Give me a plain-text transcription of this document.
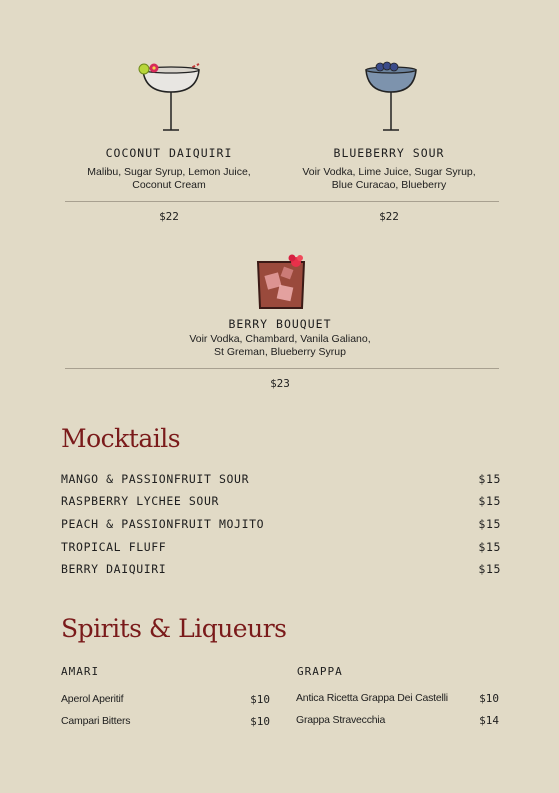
COCONUT DAIQUIRI
Malibu, Sugar Syrup, Lemon Juice,
Coconut Cream
$22
BLUEBERRY SOUR
Voir Vodka, Lime Juice, Sugar Syrup,
Blue Curacao, Blueberry
$22
BERRY BOUQUET
Voir Vodka, Chambard, Vanila Galiano,
St Greman, Blueberry Syrup
$23
Mocktails
MANGO & PASSIONFRUIT SOUR	$15
RASPBERRY LYCHEE SOUR	$15
PEACH & PASSIONFRUIT MOJITO	$15
TROPICAL FLUFF	$15
BERRY DAIQUIRI	$15
Spirits & Liqueurs
AMARI
Aperol Aperitif	$10
Campari Bitters	$10
GRAPPA
Antica Ricetta Grappa Dei Castelli	$10
Grappa Stravecchia	$14
